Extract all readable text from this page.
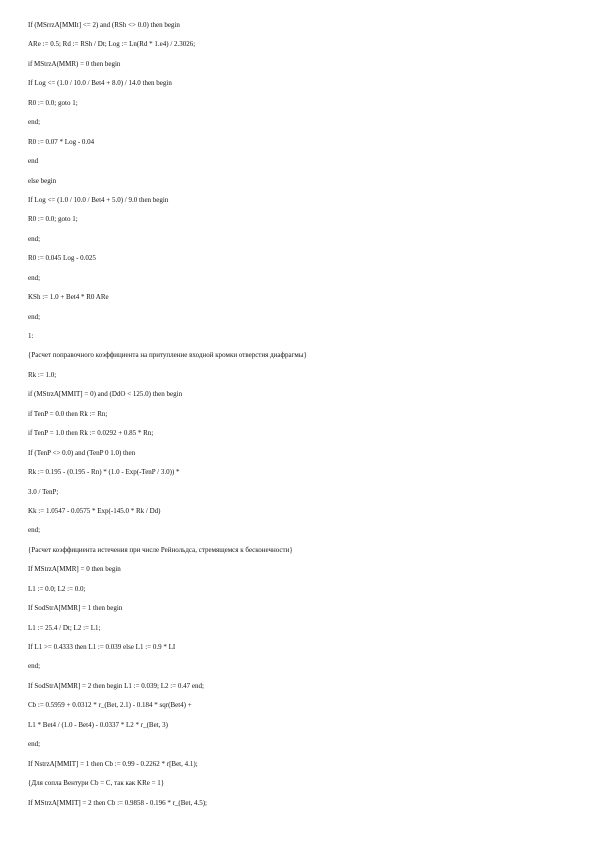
If (MSrrzA[MMIt] <= 2) and (RSh <> 0.0) then begin
ARe := 0.5; Rd := RSh / Dt; Log := Ln(Rd * 1.e4) / 2.3026;
if MStrzA(MMR) = 0 then begin
If Log <= (1.0 / 10.0 / Bet4 + 8.0) / 14.0 then begin
R0 := 0.0; goto 1;
end;
R0 := 0.07 * Log - 0.04
end
else begin
If Log <= (1.0 / 10.0 / Bet4 + 5.0) / 9.0 then begin
R0 := 0.0; goto 1;
end;
R0 := 0.045 Log - 0.025
end;
KSh := 1.0 + Bet4 * R0 ARe
end;
1:
{Расчет поправочного коэффициента на притупление входной кромки отверстия диафрагмы}
Rk := 1.0;
if (MStrzA[MMIT] = 0) and (DdO < 125.0) then begin
if TenP = 0.0 then Rk := Rn;
if TenP = 1.0 then Rk := 0.0292 + 0.85 * Rn;
If (TenP <> 0.0) and (TenP 0 1.0) then
Rk := 0.195 - (0.195 - Rn) * (1.0 - Exp(-TenP / 3.0)) *
3.0 / TenP;
Kk := 1.0547 - 0.0575 * Exp(-145.0 * Rk / Dd)
end;
{Расчет коэффициента истечения при числе Рейнольдса, стремящемся к бесконечности}
If MStrzA[MMR] = 0 then begin
L1 := 0.0; L2 := 0.0;
If SodStrA[MMR] = 1 then begin
L1 := 25.4 / Dt; L2 := L1;
If L1 >= 0.4333 then L1 := 0.039 else L1 := 0.9 * LI
end;
If SodStrA[MMR] = 2 then begin L1 := 0.039; L2 := 0.47 end;
Cb := 0.5959 + 0.0312 * r_(Bet, 2.1) - 0.184 * sqr(Bet4) +
L1 * Bet4 / (1.0 - Bet4) - 0.0337 * L2 * r_(Bet, 3)
end;
If NstrzA[MMIT] = 1 then Cb := 0.99 - 0.2262 * r[Bet, 4.1);
{Для сопла Вентури Cb = C, так как KRe = 1}
If MStrzA[MMIT] = 2 then Cb := 0.9858 - 0.196 * r_(Bet, 4.5);
